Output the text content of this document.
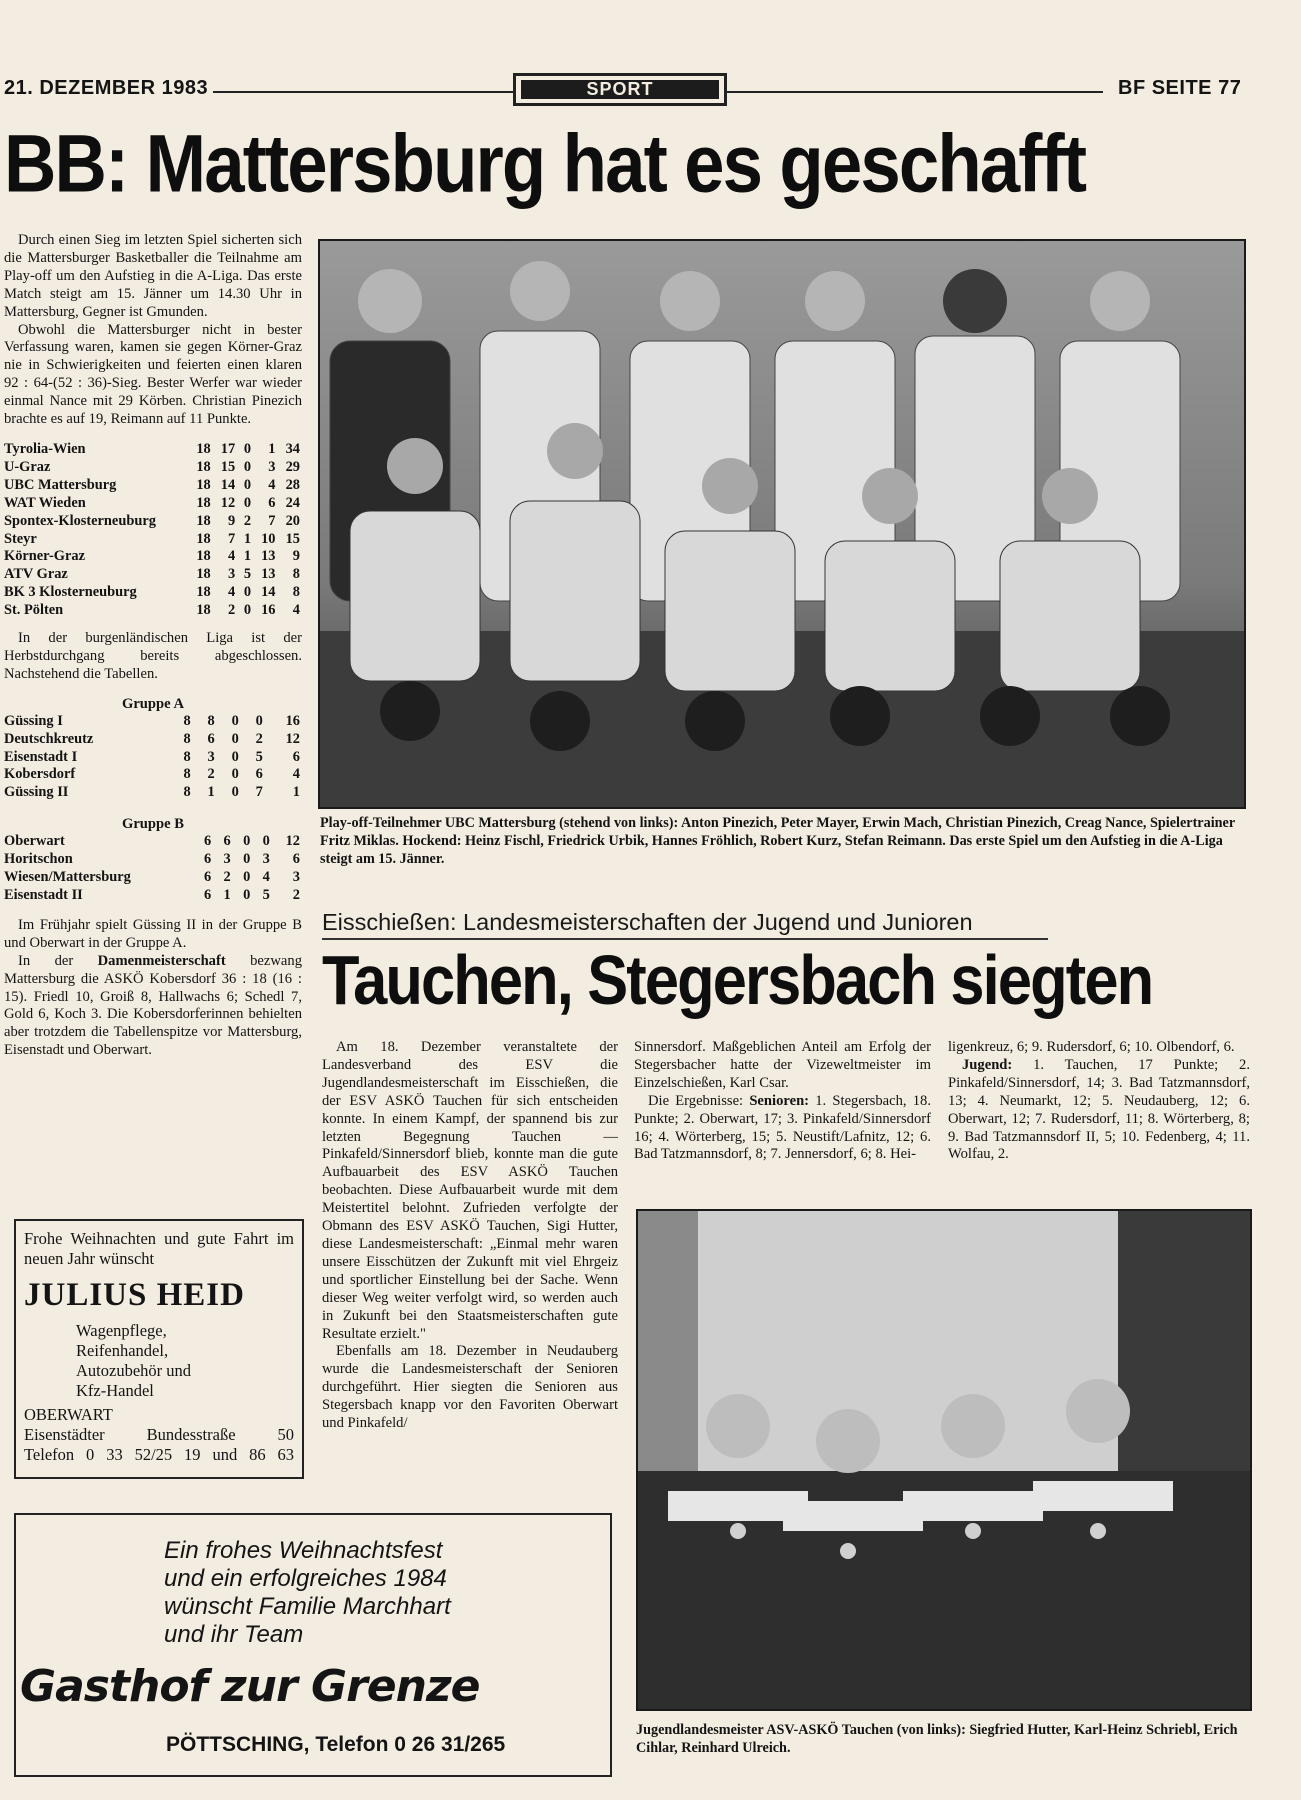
21. DEZEMBER 1983	SPORT	BF SEITE 77
BB: Mattersburg hat es geschafft

Durch einen Sieg im letzten Spiel sicherten sich die Mattersburger Basketballer die Teilnahme am Play-off um den Aufstieg in die A-Liga. Das erste Match steigt am 15. Jänner um 14.30 Uhr in Mattersburg, Gegner ist Gmunden.

Obwohl die Mattersburger nicht in bester Verfassung waren, kamen sie gegen Körner-Graz nie in Schwierigkeiten und feierten einen klaren 92 : 64-(52 : 36)-Sieg. Bester Werfer war wieder einmal Nance mit 29 Körben. Christian Pinezich brachte es auf 19, Reimann auf 11 Punkte.

Tyrolia-Wien	18	17	0	1	34
U-Graz	18	15	0	3	29
UBC Mattersburg	18	14	0	4	28
WAT Wieden	18	12	0	6	24
Spontex-Klosterneuburg	18	9	2	7	20
Steyr	18	7	1	10	15
Körner-Graz	18	4	1	13	9
ATV Graz	18	3	5	13	8
BK 3 Klosterneuburg	18	4	0	14	8
St. Pölten	18	2	0	16	4

In der burgenländischen Liga ist der Herbstdurchgang bereits abgeschlossen. Nachstehend die Tabellen.

Gruppe A
Güssing I	8	8	0	0	16
Deutschkreutz	8	6	0	2	12
Eisenstadt I	8	3	0	5	6
Kobersdorf	8	2	0	6	4
Güssing II	8	1	0	7	1
Gruppe B
Oberwart	6	6	0	0	12
Horitschon	6	3	0	3	6
Wiesen/Mattersburg	6	2	0	4	3
Eisenstadt II	6	1	0	5	2

Im Frühjahr spielt Güssing II in der Gruppe B und Oberwart in der Gruppe A.

In der Damenmeisterschaft bezwang Mattersburg die ASKÖ Kobersdorf 36 : 18 (16 : 15). Friedl 10, Groiß 8, Hallwachs 6; Schedl 7, Gold 6, Koch 3. Die Kobersdorferinnen behielten aber trotzdem die Tabellenspitze vor Mattersburg, Eisenstadt und Oberwart.

Play-off-Teilnehmer UBC Mattersburg (stehend von links): Anton Pinezich, Peter Mayer, Erwin Mach, Christian Pinezich, Creag Nance, Spielertrainer Fritz Miklas. Hockend: Heinz Fischl, Friedrick Urbik, Hannes Fröhlich, Robert Kurz, Stefan Reimann. Das erste Spiel um den Aufstieg in die A-Liga steigt am 15. Jänner.
Eisschießen: Landesmeisterschaften der Jugend und Junioren
Tauchen, Stegersbach siegten

Am 18. Dezember veranstaltete der Landesverband des ESV die Jugendlandesmeisterschaft im Eisschießen, die der ESV ASKÖ Tauchen für sich entscheiden konnte. In einem Kampf, der spannend bis zur letzten Begegnung Tauchen — Pinkafeld/Sinnersdorf blieb, konnte man die gute Aufbauarbeit des ESV ASKÖ Tauchen beobachten. Diese Aufbauarbeit wurde mit dem Meistertitel belohnt. Zufrieden verfolgte der Obmann des ESV ASKÖ Tauchen, Sigi Hutter, diese Landesmeisterschaft: „Einmal mehr waren unsere Eisschützen der Zukunft mit viel Ehrgeiz und sportlicher Einstellung bei der Sache. Wenn dieser Weg weiter verfolgt wird, so werden auch in Zukunft bei den Staatsmeisterschaften gute Resultate erzielt."

Ebenfalls am 18. Dezember in Neudauberg wurde die Landesmeisterschaft der Senioren durchgeführt. Hier siegten die Senioren aus Stegersbach knapp vor den Favoriten Oberwart und Pinkafeld/

Sinnersdorf. Maßgeblichen Anteil am Erfolg der Stegersbacher hatte der Vizeweltmeister im Einzelschießen, Karl Csar.

Die Ergebnisse: Senioren: 1. Stegersbach, 18. Punkte; 2. Oberwart, 17; 3. Pinkafeld/Sinnersdorf 16; 4. Wörterberg, 15; 5. Neustift/Lafnitz, 12; 6. Bad Tatzmannsdorf, 8; 7. Jennersdorf, 6; 8. Hei-

ligenkreuz, 6; 9. Rudersdorf, 6; 10. Olbendorf, 6.

Jugend: 1. Tauchen, 17 Punkte; 2. Pinkafeld/Sinnersdorf, 14; 3. Bad Tatzmannsdorf, 13; 4. Neumarkt, 12; 5. Neudauberg, 12; 6. Oberwart, 12; 7. Rudersdorf, 11; 8. Wörterberg, 8; 9. Bad Tatzmannsdorf II, 5; 10. Fedenberg, 4; 11. Wolfau, 2.

Jugendlandesmeister ASV-ASKÖ Tauchen (von links): Siegfried Hutter, Karl-Heinz Schriebl, Erich Cihlar, Reinhard Ulreich.
Frohe Weihnachten und gute Fahrt im neuen Jahr wünscht
JULIUS HEID
Wagenpflege,
Reifenhandel,
Autozubehör und
Kfz-Handel
OBERWART
Eisenstädter Bundesstraße 50
Telefon 0 33 52/25 19 und 86 63
Ein frohes Weihnachtsfest
und ein erfolgreiches 1984
wünscht Familie Marchhart
und ihr Team
Gasthof zur Grenze
PÖTTSCHING, Telefon 0 26 31/265
